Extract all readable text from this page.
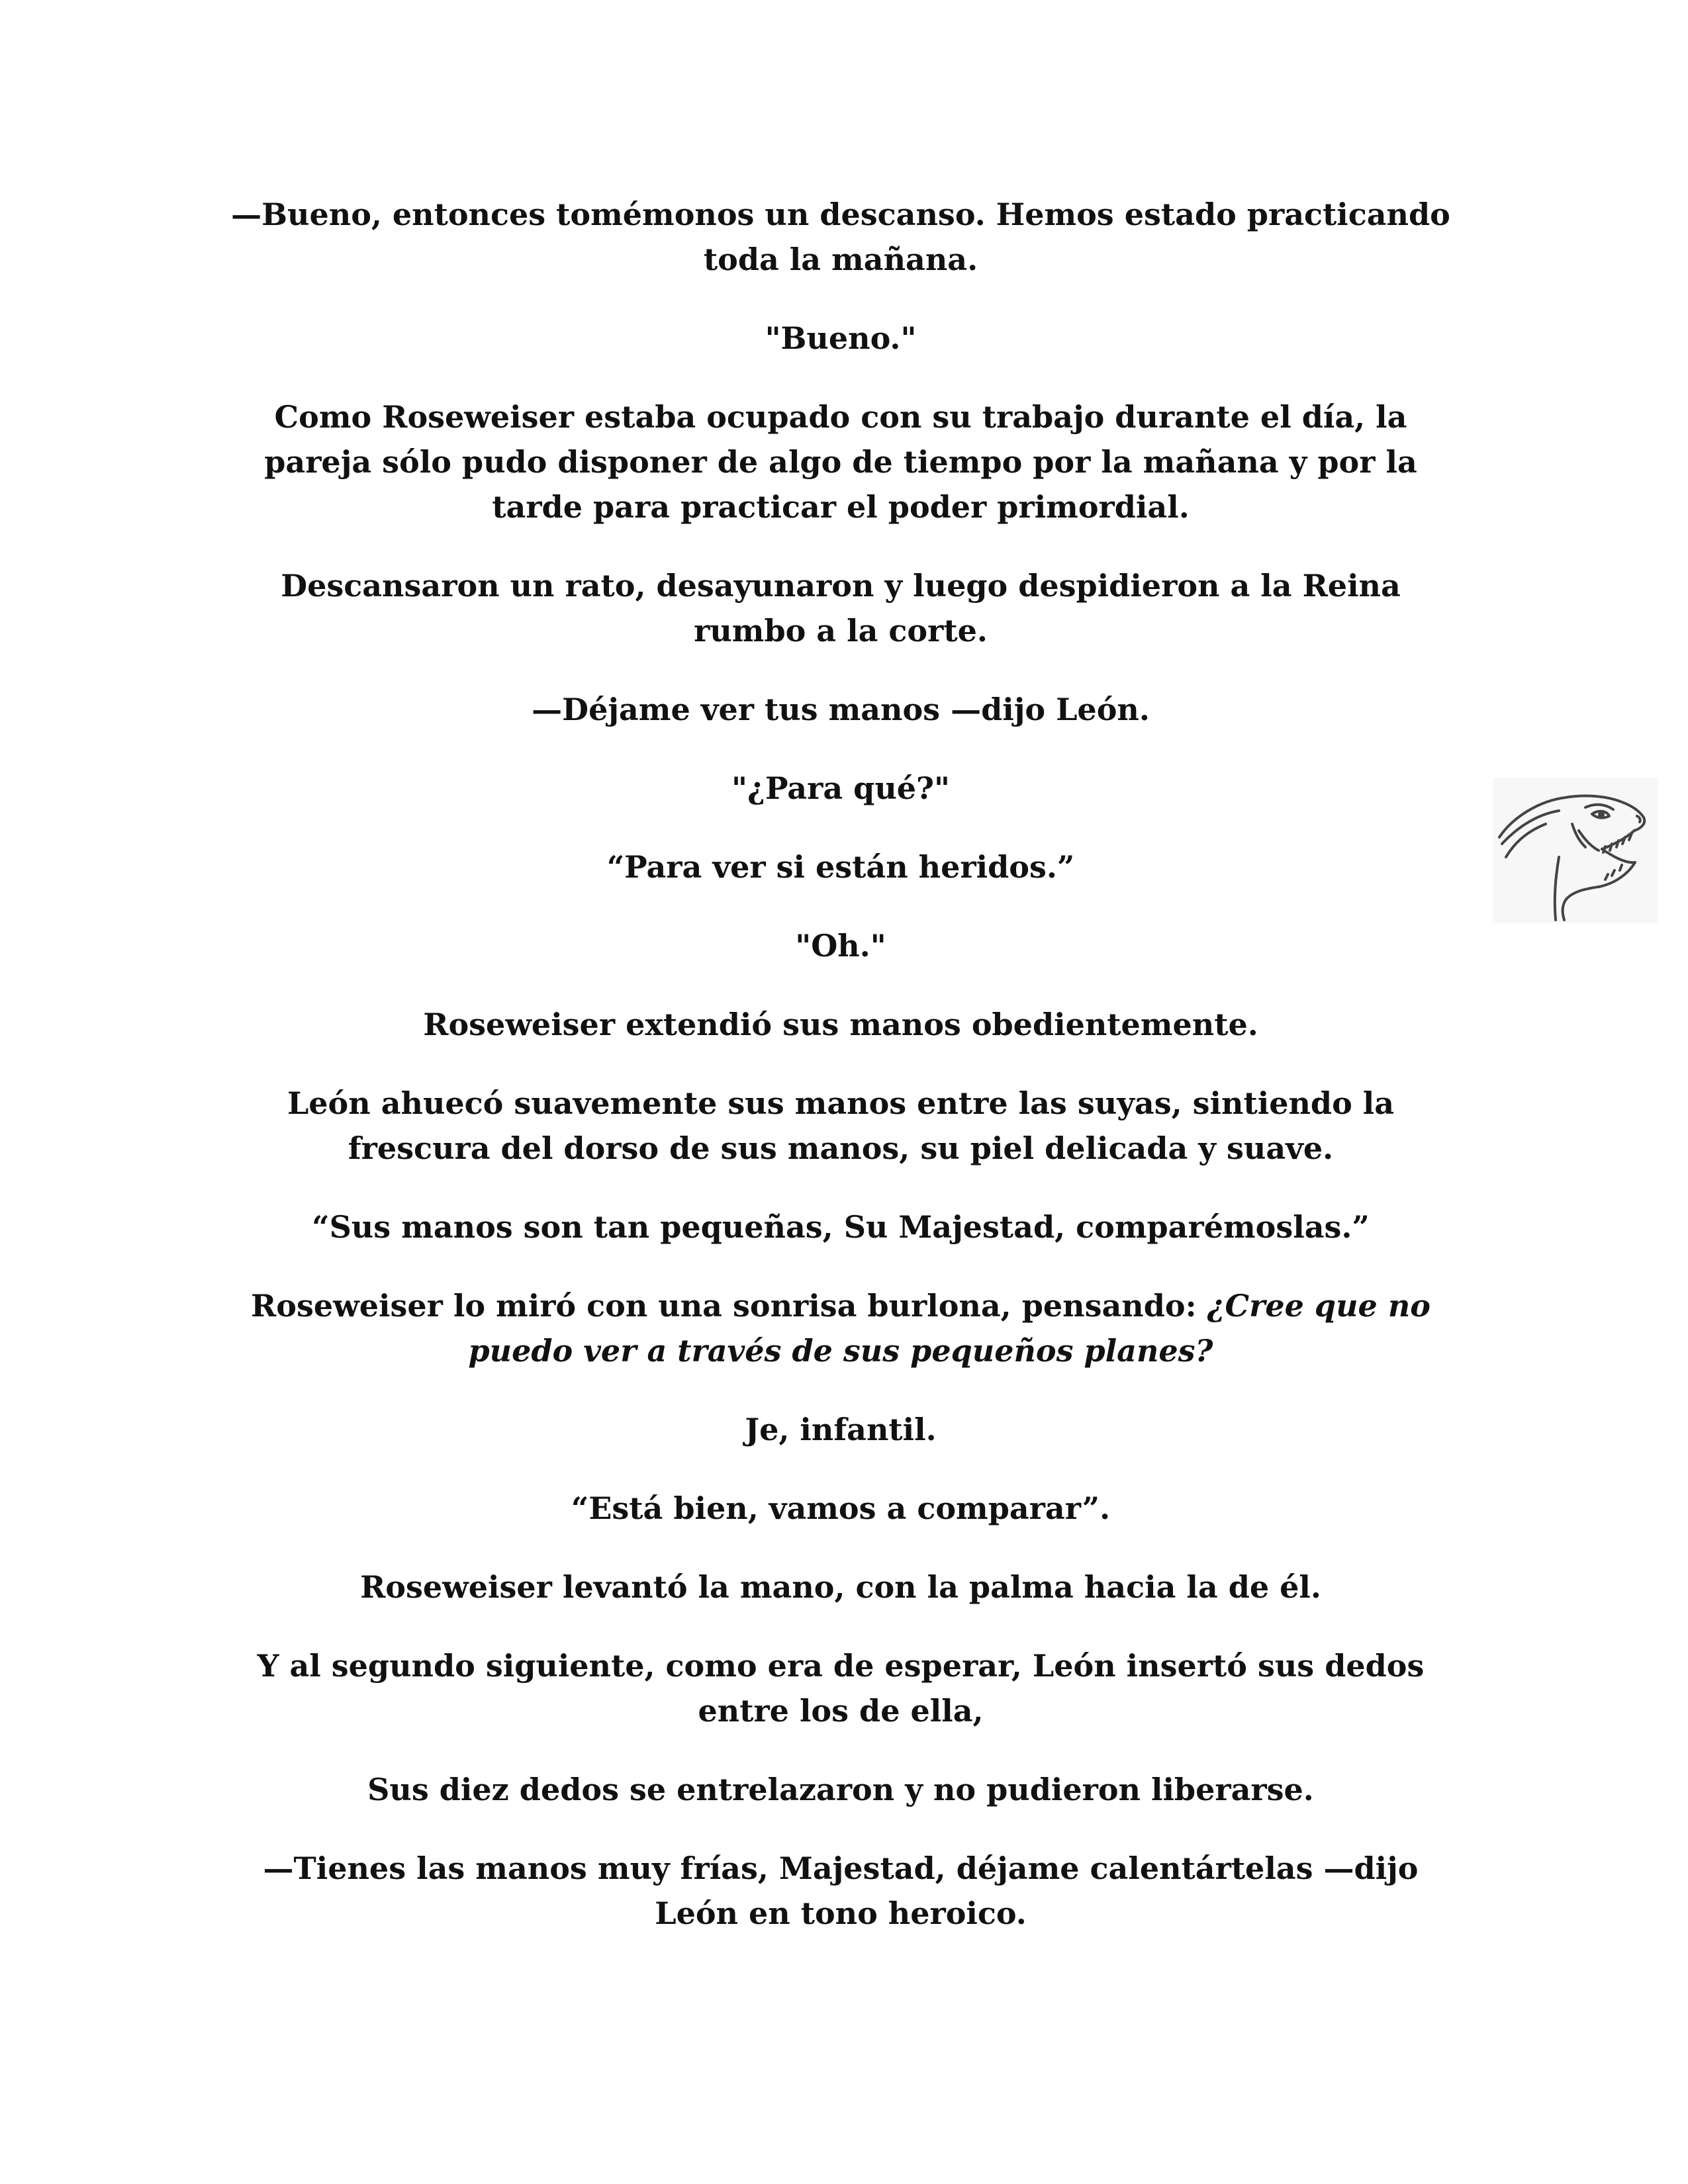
—Bueno, entonces tomémonos un descanso. Hemos estado practicando toda la mañana.

"Bueno."

Como Roseweiser estaba ocupado con su trabajo durante el día, la pareja sólo pudo disponer de algo de tiempo por la mañana y por la tarde para practicar el poder primordial.

Descansaron un rato, desayunaron y luego despidieron a la Reina rumbo a la corte.

—Déjame ver tus manos —dijo León.

"¿Para qué?"

“Para ver si están heridos.”

"Oh."

Roseweiser extendió sus manos obedientemente.

León ahuecó suavemente sus manos entre las suyas, sintiendo la frescura del dorso de sus manos, su piel delicada y suave.

“Sus manos son tan pequeñas, Su Majestad, comparémoslas.”

Roseweiser lo miró con una sonrisa burlona, pensando: ¿Cree que no puedo ver a través de sus pequeños planes?

Je, infantil.

“Está bien, vamos a comparar”.

Roseweiser levantó la mano, con la palma hacia la de él.

Y al segundo siguiente, como era de esperar, León insertó sus dedos entre los de ella,

Sus diez dedos se entrelazaron y no pudieron liberarse.

—Tienes las manos muy frías, Majestad, déjame calentártelas —dijo León en tono heroico.
